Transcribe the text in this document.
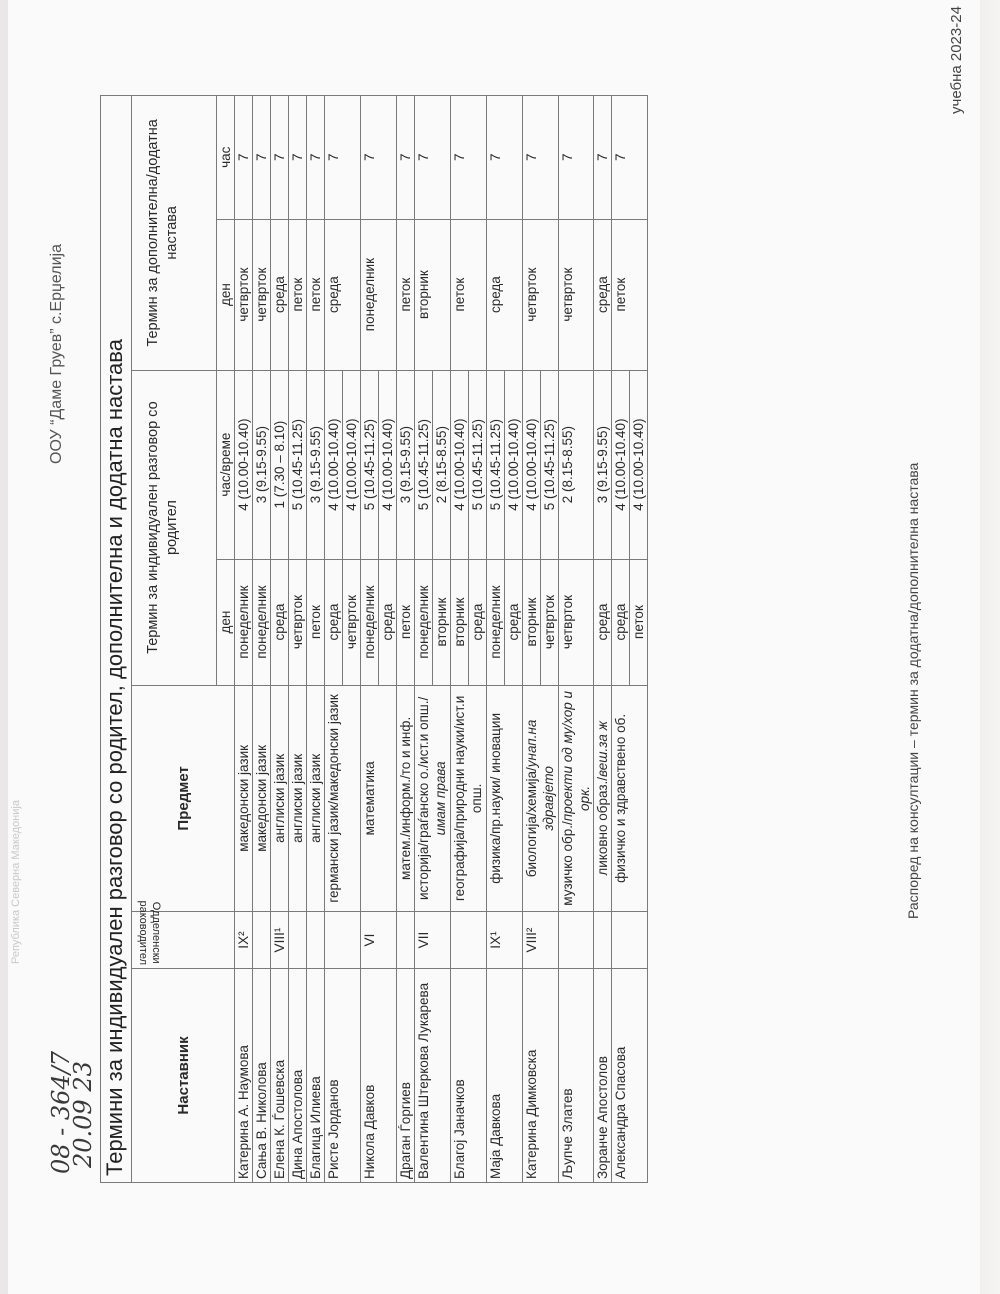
Република Северна Македонија
ООУ “Даме Груев” с.Ерџелија
учебна 2023-24
08 - 364/7
20.09 23 Термини за индивидуален разговор со родител, дополнителна и додатна настава						
Наставник	Одделенски раководител	Предмет	Термин за индивидуален разговор со родител		Термин за дополнителна/додатна настава	
			ден	час/време	ден	час
Катерина А. Наумова	IX²	македонски јазик	понеделник	4 (10.00-10.40)	четврток	7
Сања В. Николова		македонски јазик	понеделник	3 (9.15-9.55)	четврток	7
Елена К. Ѓошевска	VIII¹	англиски јазик	среда	1 (7.30 – 8.10)	среда	7
Дина Апостолова		англиски јазик	четврток	5 (10.45-11.25)	петок	7
Благица Илиева		англиски јазик	петок	3 (9.15-9.55)	петок	7
Ристе Јорданов		германски јазик/македонски јазик	среда	4 (10.00-10.40)	среда	7
			четврток	4 (10.00-10.40)		
Никола Давков	VI	математика	понеделник	5 (10.45-11.25)	понеделник	7
			среда	4 (10.00-10.40)		
Драган Ѓоргиев		матем./информ./то и инф.	петок	3 (9.15-9.55)	петок	7
Валентина Штеркова Лукарева	VII	историја/граѓанско о./ист.и опш./ имам права	понеделник	5 (10.45-11.25)	вторник	7
			вторник	2 (8.15-8.55)		
Благој Јаначков		географија/природни науки/ист.и опш.	вторник	4 (10.00-10.40)	петок	7
			среда	5 (10.45-11.25)		
Маја Давкова	IX¹	физика/пр.науки/ иновации	понеделник	5 (10.45-11.25)	среда	7
			среда	4 (10.00-10.40)		
Катерина Димковска	VIII²	биологија/хемија/унап.на здравјето	вторник	4 (10.00-10.40)	четврток	7
			четврток	5 (10.45-11.25)		
Љупче Златев		музичко обр./проекти од му/хор и орк.	четврток	2 (8.15-8.55)	четврток	7
Зоранче Апостолов		ликовно образ./веш.за ж	среда	3 (9.15-9.55)	среда	7
Александра Спасова		физичко и здравствено об.	среда	4 (10.00-10.40)	петок	7
			петок	4 (10.00-10.40)			Распоред на консултации – термин за додатна/дополнителна настава
